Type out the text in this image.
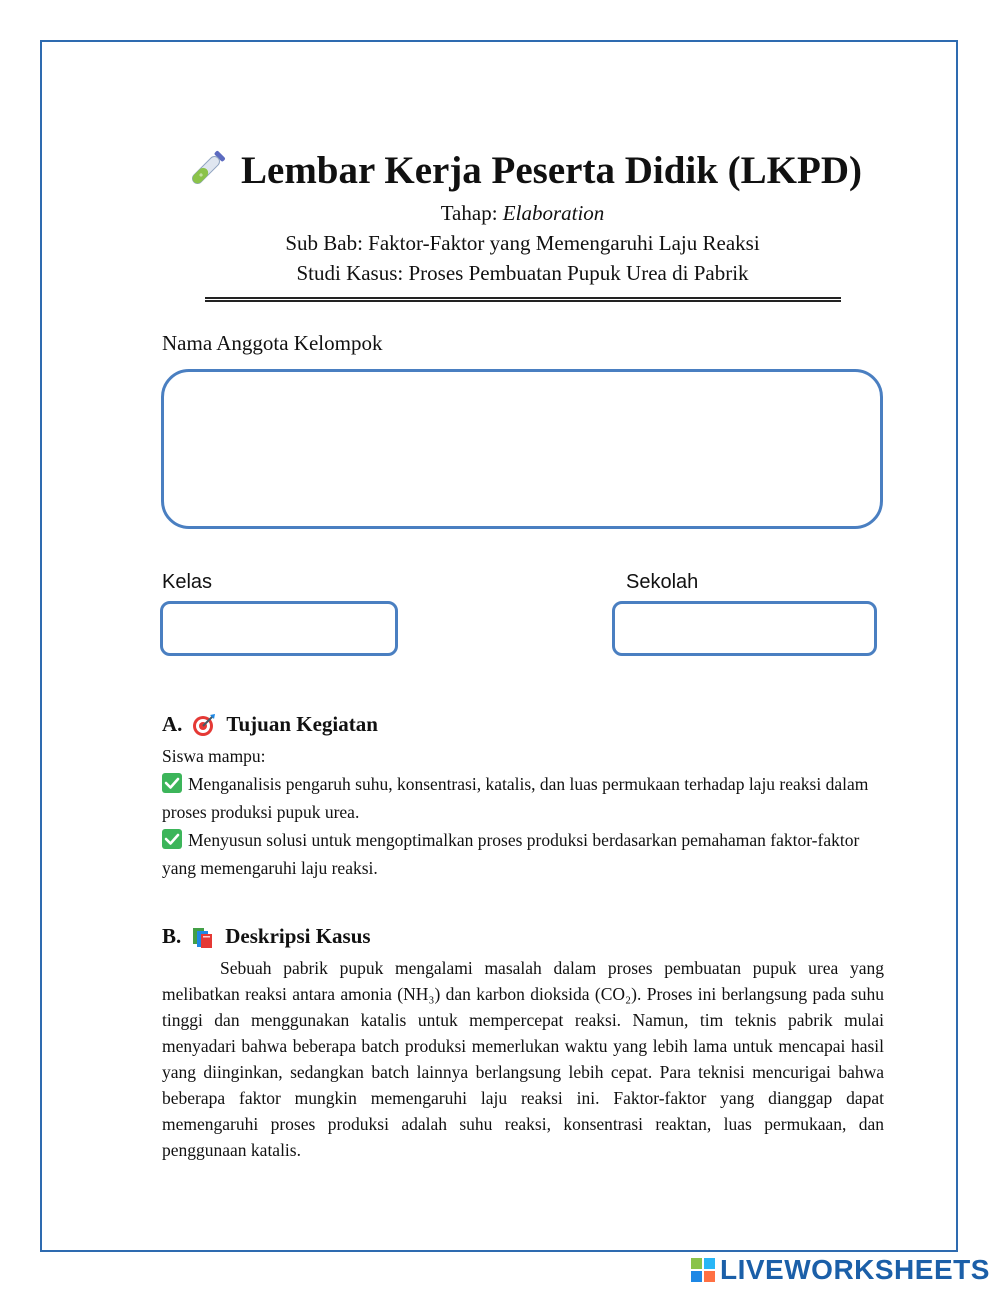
Lembar Kerja Peserta Didik (LKPD)
Tahap: Elaboration
Sub Bab: Faktor-Faktor yang Memengaruhi Laju Reaksi
Studi Kasus: Proses Pembuatan Pupuk Urea di Pabrik
Nama Anggota Kelompok
Kelas	Sekolah
A. Tujuan Kegiatan
Siswa mampu:
Menganalisis pengaruh suhu, konsentrasi, katalis, dan luas permukaan terhadap laju reaksi dalam proses produksi pupuk urea.
Menyusun solusi untuk mengoptimalkan proses produksi berdasarkan pemahaman faktor-faktor yang memengaruhi laju reaksi.
B. Deskripsi Kasus
Sebuah pabrik pupuk mengalami masalah dalam proses pembuatan pupuk urea yang melibatkan reaksi antara amonia (NH₃) dan karbon dioksida (CO₂). Proses ini berlangsung pada suhu tinggi dan menggunakan katalis untuk mempercepat reaksi. Namun, tim teknis pabrik mulai menyadari bahwa beberapa batch produksi memerlukan waktu yang lebih lama untuk mencapai hasil yang diinginkan, sedangkan batch lainnya berlangsung lebih cepat. Para teknisi mencurigai bahwa beberapa faktor mungkin memengaruhi laju reaksi ini. Faktor-faktor yang dianggap dapat memengaruhi proses produksi adalah suhu reaksi, konsentrasi reaktan, luas permukaan, dan penggunaan katalis.
LIVEWORKSHEETS
